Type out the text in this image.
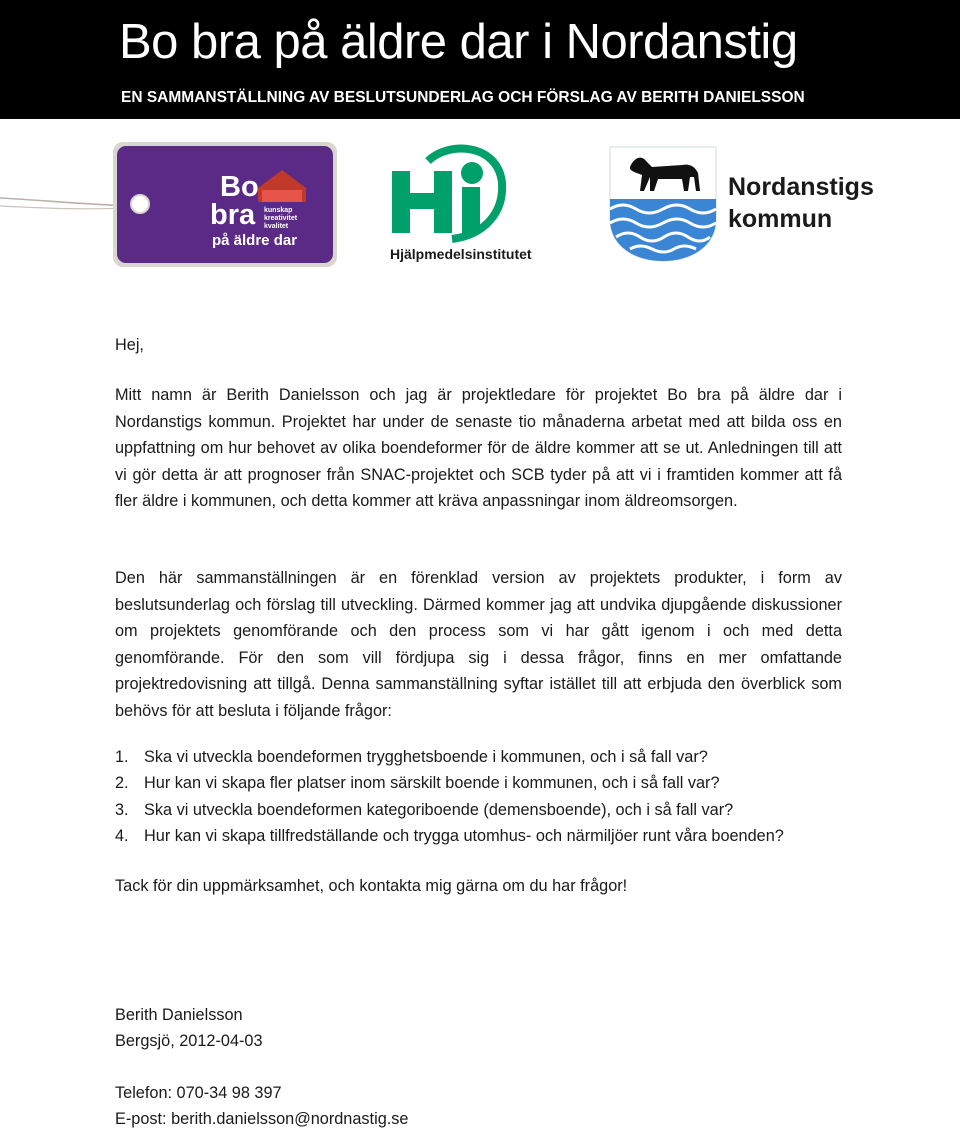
Bo bra på äldre dar i Nordanstig
EN SAMMANSTÄLLNING AV BESLUTSUNDERLAG OCH FÖRSLAG AV BERITH DANIELSSON
Bo
bra
på äldre dar
kunskap
kreativitet
kvalitet
Hjälpmedelsinstitutet
Nordanstigs
kommun

Hej,

Mitt namn är Berith Danielsson och jag är projektledare för projektet Bo bra på äldre dar i Nordanstigs kommun. Projektet har under de senaste tio månaderna arbetat med att bilda oss en uppfattning om hur behovet av olika boendeformer för de äldre kommer att se ut. Anledningen till att vi gör detta är att prognoser från SNAC-projektet och SCB tyder på att vi i framtiden kommer att få fler äldre i kommunen, och detta kommer att kräva anpassningar inom äldreomsorgen.

Den här sammanställningen är en förenklad version av projektets produkter, i form av beslutsunderlag och förslag till utveckling. Därmed kommer jag att undvika djupgående diskussioner om projektets genomförande och den process som vi har gått igenom i och med detta genomförande. För den som vill fördjupa sig i dessa frågor, finns en mer omfattande projektredovisning att tillgå. Denna sammanställning syftar istället till att erbjuda den överblick som behövs för att besluta i följande frågor:

1. Ska vi utveckla boendeformen trygghetsboende i kommunen, och i så fall var?
2. Hur kan vi skapa fler platser inom särskilt boende i kommunen, och i så fall var?
3. Ska vi utveckla boendeformen kategoriboende (demensboende), och i så fall var?
4. Hur kan vi skapa tillfredställande och trygga utomhus- och närmiljöer runt våra boenden?

Tack för din uppmärksamhet, och kontakta mig gärna om du har frågor!

Berith Danielsson

Bergsjö, 2012-04-03

Telefon: 070-34 98 397

E-post: berith.danielsson@nordnastig.se
